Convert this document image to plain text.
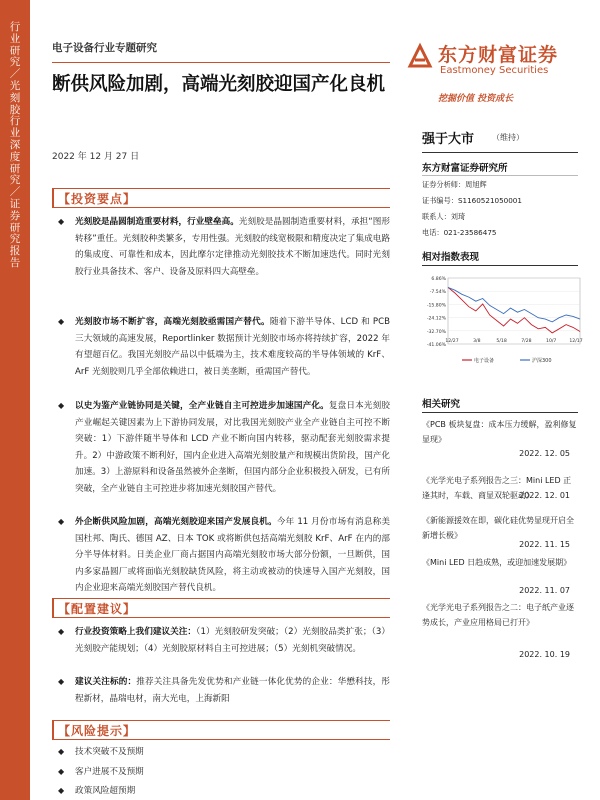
行业研究／光刻胶行业深度研究／证券研究报告
电子设备行业专题研究
断供风险加剧，高端光刻胶迎国产化良机
2022 年 12 月 27 日
东方财富证券
Eastmoney Securities
挖掘价值 投资成长
【投资要点】
◆	光刻胶是晶圆制造重要材料，行业壁垒高。光刻胶是晶圆制造重要材料，承担“图形转移”重任。光刻胶种类繁多，专用性强。光刻胶的线宽极限和精度决定了集成电路的集成度、可靠性和成本，因此摩尔定律推动光刻胶技术不断加速迭代。同时光刻胶行业具备技术、客户、设备及原料四大高壁垒。
◆	光刻胶市场不断扩容，高端光刻胶亟需国产替代。随着下游半导体、LCD 和 PCB 三大领域的高速发展，Reportlinker 数据预计光刻胶市场亦将持续扩容，2022 年有望超百亿。我国光刻胶产品以中低端为主，技术难度较高的半导体领域的 KrF、ArF 光刻胶则几乎全部依赖进口，被日美垄断，亟需国产替代。
◆	以史为鉴产业链协同是关键，全产业链自主可控进步加速国产化。复盘日本光刻胶产业崛起关键因素为上下游协同发展，对比我国光刻胶产业全产业链自主可控不断突破：1）下游伴随半导体和 LCD 产业不断向国内转移，驱动配套光刻胶需求提升。2）中游政策不断利好，国内企业进入高端光刻胶量产和规模出货阶段，国产化加速。3）上游原料和设备虽然被外企垄断，但国内部分企业积极投入研发，已有所突破，全产业链自主可控进步将加速光刻胶国产替代。
◆	外企断供风险加剧，高端光刻胶迎来国产发展良机。今年 11 月份市场有消息称美国杜邦、陶氏、德国 AZ、日本 TOK 或将断供包括高端光刻胶 KrF、ArF 在内的部分半导体材料。日美企业厂商占据国内高端光刻胶市场大部分份额，一旦断供，国内多家晶圆厂或将面临光刻胶缺货风险，将主动或被动的快速导入国产光刻胶，国内企业迎来高端光刻胶国产替代良机。
【配置建议】
◆	行业投资策略上我们建议关注：（1）光刻胶研发突破；（2）光刻胶品类扩张；（3）光刻胶产能规划；（4）光刻胶原材料自主可控进展；（5）光刻机突破情况。
◆	建议关注标的：推荐关注具备先发优势和产业链一体化优势的企业：华懋科技，彤程新材，晶瑞电材，南大光电，上海新阳
【风险提示】
◆	技术突破不及预期
◆	客户进展不及预期
◆	政策风险超预期
强于大市 （维持）
东方财富证券研究所
证券分析师：周旭辉
证书编号：S1160521050001
联系人：刘琦
电话：021-23586475
相对指数表现
6.86%
-7.54%
-15.80%
-24.12%
-32.70%
-41.06%
12/27	3/8	5/18	7/28	10/7	12/17
电子设备	沪深300
相关研究
《PCB 板块复盘：成本压力缓解，盈利修复显现》
2022. 12. 05
《光学光电子系列报告之三：Mini LED 正逢其时，车载、商显双轮驱动》
2022. 12. 01
《新能源援效在即，碳化硅优势显现开启全新增长极》
2022. 11. 15
《Mini LED 日趋成熟，或迎加速发展期》
2022. 11. 07
《光学光电子系列报告之二：电子纸产业逐势成长，产业应用格局已打开》
2022. 10. 19
